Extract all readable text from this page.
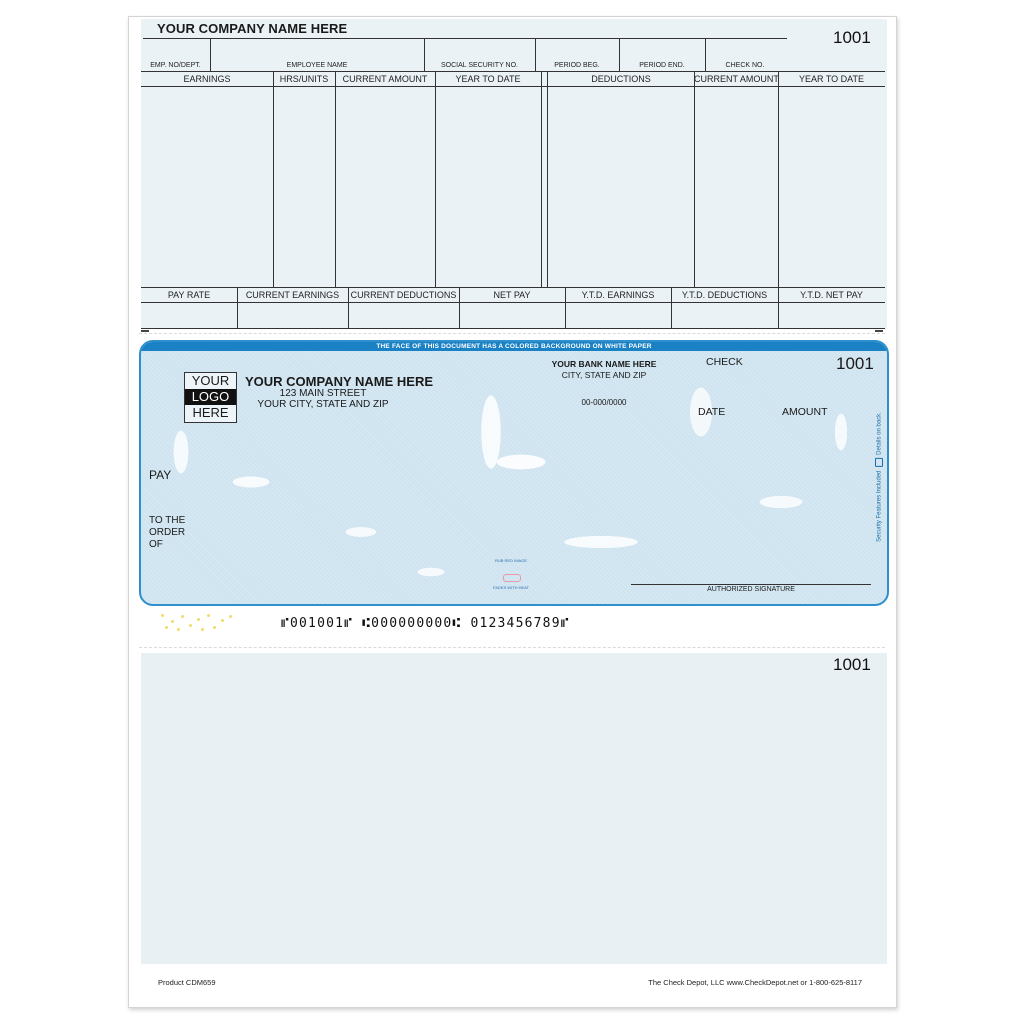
YOUR COMPANY NAME HERE	1001
EMP. NO/DEPT.	EMPLOYEE NAME	SOCIAL SECURITY NO.	PERIOD BEG.	PERIOD END.	CHECK NO.
EARNINGS	HRS/UNITS	CURRENT AMOUNT	YEAR TO DATE	DEDUCTIONS	CURRENT AMOUNT	YEAR TO DATE
PAY RATE	CURRENT EARNINGS	CURRENT DEDUCTIONS	NET PAY	Y.T.D. EARNINGS	Y.T.D. DEDUCTIONS	Y.T.D. NET PAY
THE FACE OF THIS DOCUMENT HAS A COLORED BACKGROUND ON WHITE PAPER
YOUR
LOGO
HERE
YOUR COMPANY NAME HERE
123 MAIN STREET
YOUR CITY, STATE AND ZIP
YOUR BANK NAME HERE
CITY, STATE AND ZIP
00-000/0000
CHECK	1001
DATE	AMOUNT
PAY
TO THE
ORDER
OF
RUB RED IMAGE
FADES WITH HEAT	AUTHORIZED SIGNATURE
Security Features Included    Details on back.
⑈001001⑈ ⑆000000000⑆ 0123456789⑈
1001
Product CDM659	The Check Depot, LLC www.CheckDepot.net or 1-800-625-8117
